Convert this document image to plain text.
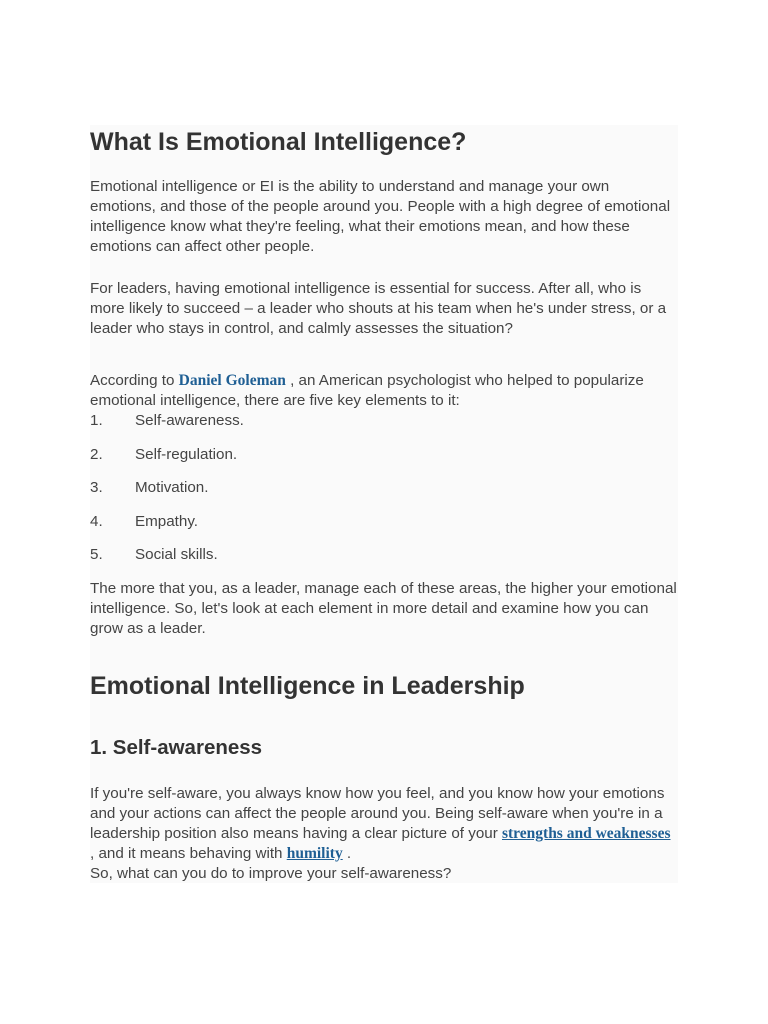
What Is Emotional Intelligence?

Emotional intelligence or EI is the ability to understand and manage your own emotions, and those of the people around you. People with a high degree of emotional intelligence know what they're feeling, what their emotions mean, and how these emotions can affect other people.

For leaders, having emotional intelligence is essential for success. After all, who is more likely to succeed – a leader who shouts at his team when he's under stress, or a leader who stays in control, and calmly assesses the situation?

According to Daniel Goleman , an American psychologist who helped to popularize emotional intelligence, there are five key elements to it:

1.	Self-awareness.
2.	Self-regulation.
3.	Motivation.
4.	Empathy.
5.	Social skills.

The more that you, as a leader, manage each of these areas, the higher your emotional intelligence. So, let's look at each element in more detail and examine how you can grow as a leader.

Emotional Intelligence in Leadership
1. Self-awareness

If you're self-aware, you always know how you feel, and you know how your emotions and your actions can affect the people around you. Being self-aware when you're in a leadership position also means having a clear picture of your strengths and weaknesses , and it means behaving with humility .

So, what can you do to improve your self-awareness?
